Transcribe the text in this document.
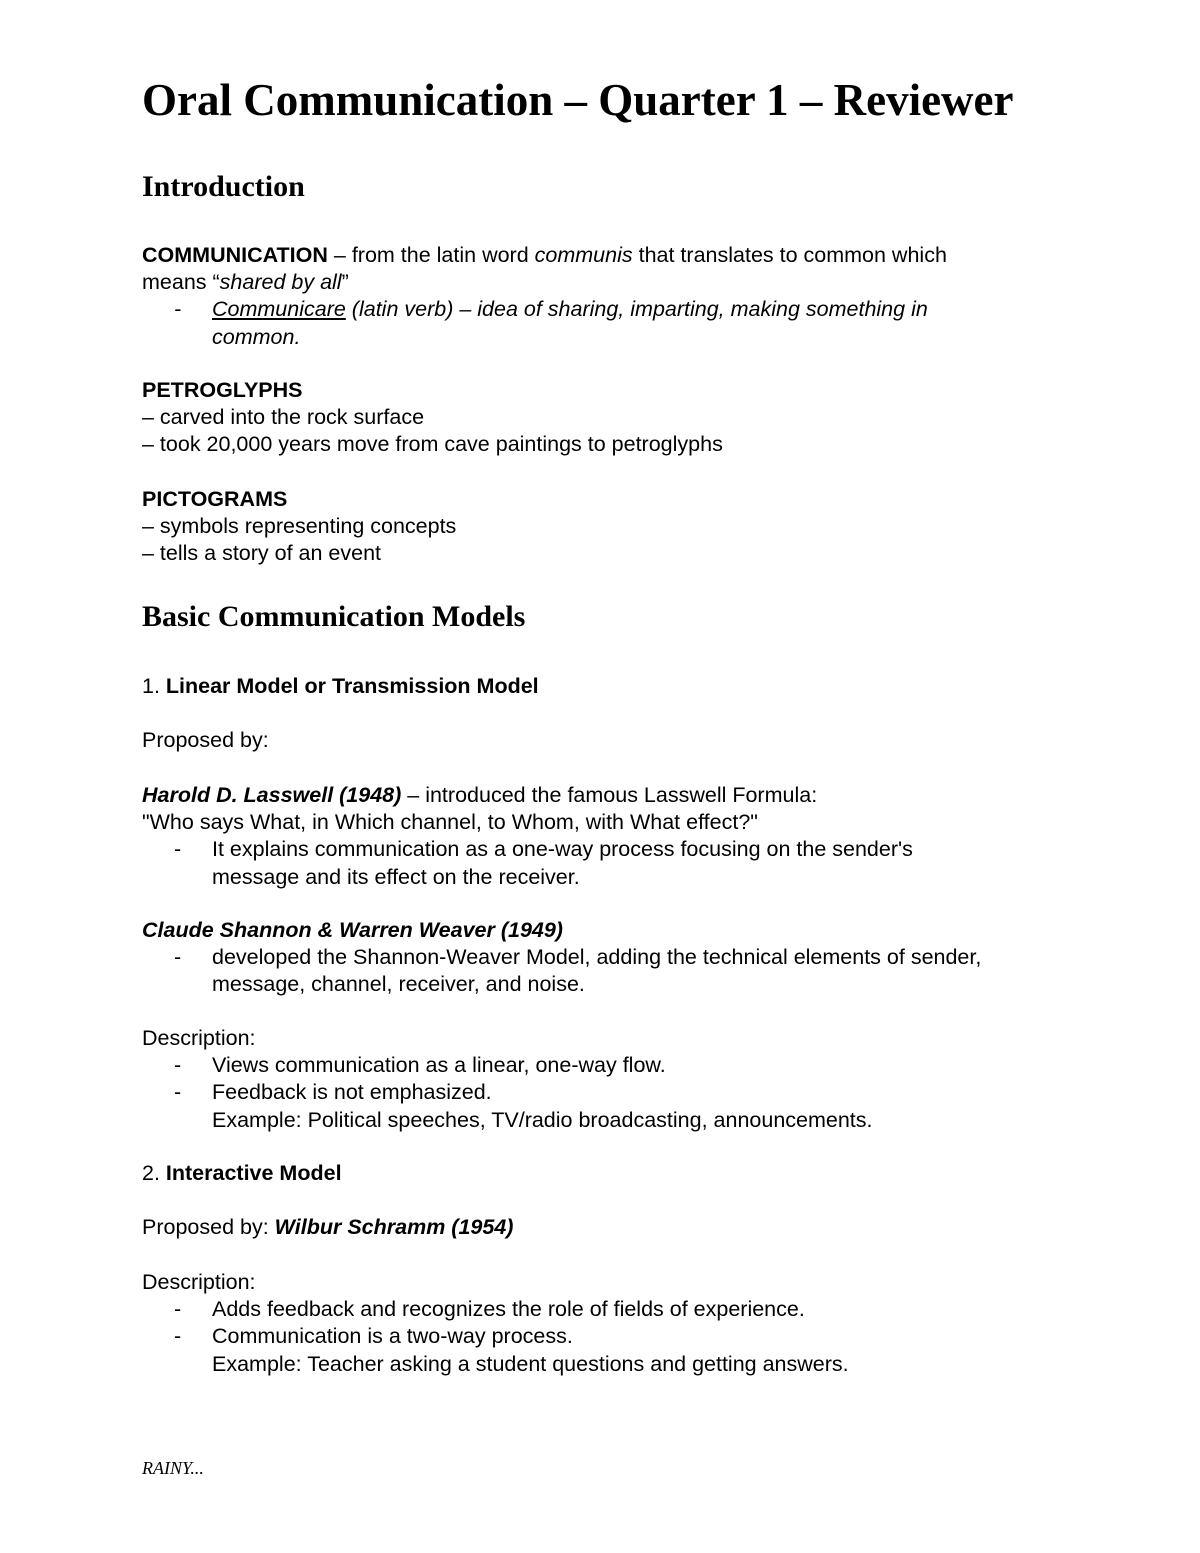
Oral Communication – Quarter 1 – Reviewer
Introduction
COMMUNICATION – from the latin word communis that translates to common which
means “shared by all”
- Communicare (latin verb) – idea of sharing, imparting, making something in
common.
PETROGLYPHS
– carved into the rock surface
– took 20,000 years move from cave paintings to petroglyphs
PICTOGRAMS
– symbols representing concepts
– tells a story of an event
Basic Communication Models
1. Linear Model or Transmission Model
Proposed by:
Harold D. Lasswell (1948) – introduced the famous Lasswell Formula:
"Who says What, in Which channel, to Whom, with What effect?"
- It explains communication as a one-way process focusing on the sender's
message and its effect on the receiver.
Claude Shannon & Warren Weaver (1949)
- developed the Shannon-Weaver Model, adding the technical elements of sender,
message, channel, receiver, and noise.
Description:
- Views communication as a linear, one-way flow.
- Feedback is not emphasized.
Example: Political speeches, TV/radio broadcasting, announcements.
2. Interactive Model
Proposed by: Wilbur Schramm (1954)
Description:
- Adds feedback and recognizes the role of fields of experience.
- Communication is a two-way process.
Example: Teacher asking a student questions and getting answers.
RAINY...
